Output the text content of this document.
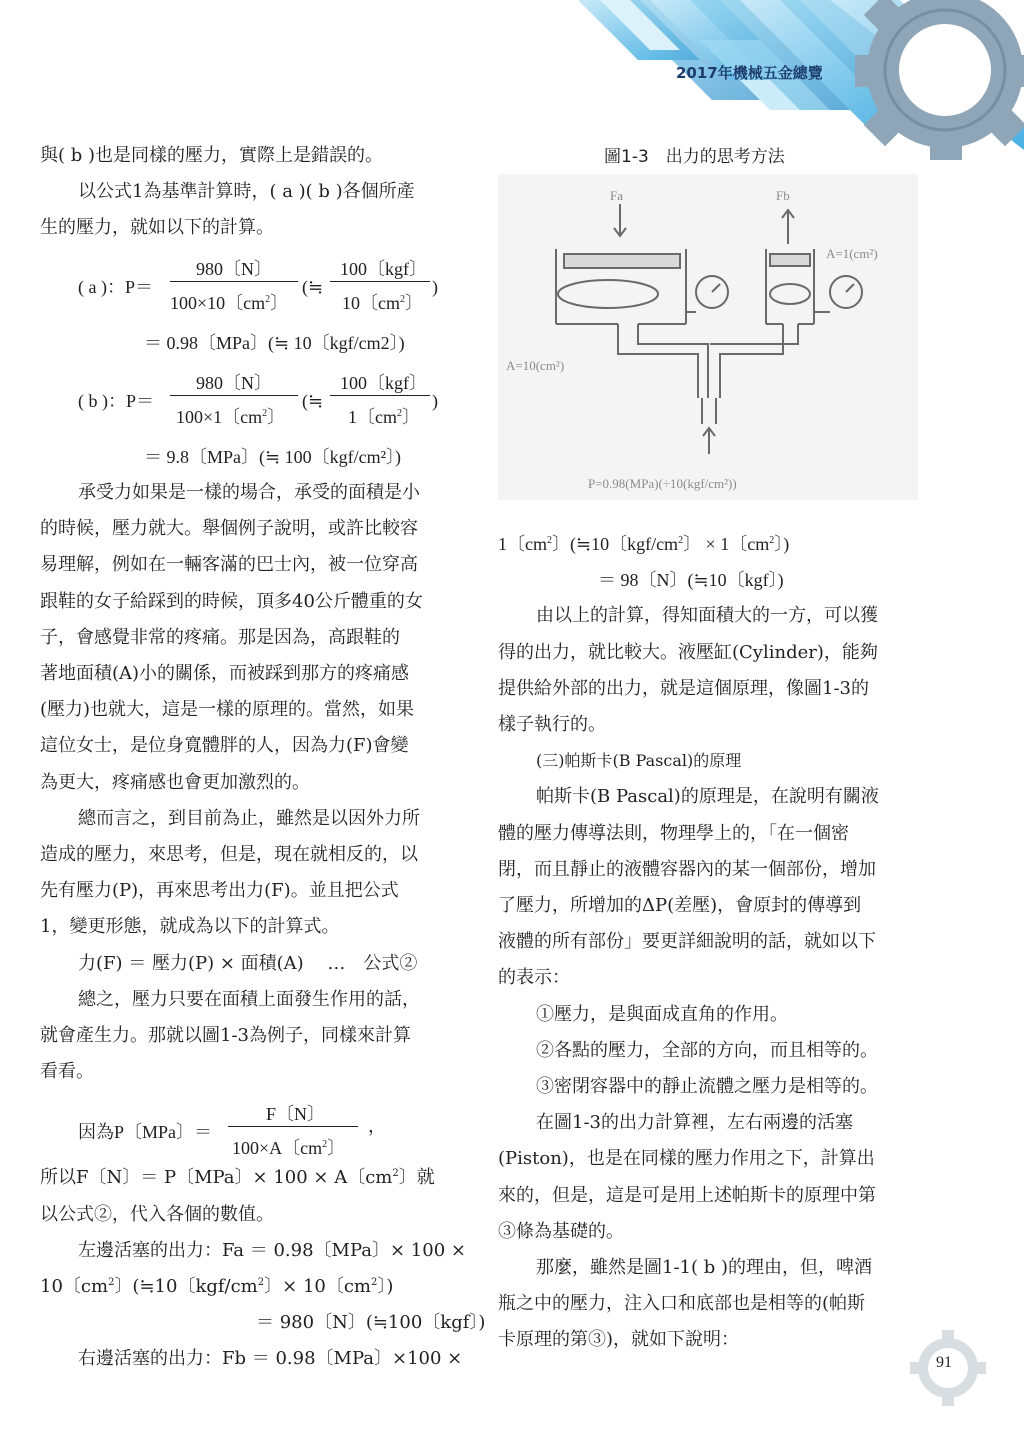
2017年機械五金總覽

與( b )也是同樣的壓力，實際上是錯誤的。

以公式1為基準計算時，( a )( b )各個所產

生的壓力，就如以下的計算。

( a )：P＝
980〔N〕
100×10〔$cm^2$〕
(≒
100〔kgf〕
10〔$cm^2$〕
)

＝ 0.98〔MPa〕(≒ 10〔kgf/cm2〕)

( b )：P＝
980〔N〕
100×1〔$cm^2$〕
(≒
100〔kgf〕
1〔$cm^2$〕
)

＝ 9.8〔MPa〕(≒ 100〔kgf/cm²〕)

承受力如果是一樣的場合，承受的面積是小

的時候，壓力就大。舉個例子說明，或許比較容

易理解，例如在一輛客滿的巴士內，被一位穿高

跟鞋的女子給踩到的時候，頂多40公斤體重的女

子，會感覺非常的疼痛。那是因為，高跟鞋的

著地面積(A)小的關係，而被踩到那方的疼痛感

(壓力)也就大，這是一樣的原理的。當然，如果

這位女士，是位身寬體胖的人，因為力(F)會變

為更大，疼痛感也會更加激烈的。

總而言之，到目前為止，雖然是以因外力所

造成的壓力，來思考，但是，現在就相反的，以

先有壓力(P)，再來思考出力(F)。並且把公式

1，變更形態，就成為以下的計算式。

力(F) ＝ 壓力(P) × 面積(A)　 …　公式②

總之，壓力只要在面積上面發生作用的話，

就會產生力。那就以圖1-3為例子，同樣來計算

看看。

因為P〔MPa〕＝
F〔N〕
100×A〔$cm^2$〕
，

所以F〔N〕＝ P〔MPa〕× 100 × A〔$cm^2$〕就

以公式②，代入各個的數值。

左邊活塞的出力：Fa ＝ 0.98〔MPa〕× 100 ×

10〔$cm^2$〕(≒10〔kgf/$cm^2$〕× 10〔$cm^2$〕)

＝ 980〔N〕(≒100〔kgf〕)

右邊活塞的出力：Fb ＝ 0.98〔MPa〕×100 ×

圖1-3　出力的思考方法
Fa	Fb
A=1(cm²)
A=10(cm²)
P=0.98(MPa)(÷10(kgf/cm²))

1〔$cm^2$〕(≒10〔kgf/$cm^2$〕 × 1〔$cm^2$〕)

＝ 98〔N〕(≒10〔kgf〕)

由以上的計算，得知面積大的一方，可以獲

得的出力，就比較大。液壓缸(Cylinder)，能夠

提供給外部的出力，就是這個原理，像圖1-3的

樣子執行的。

(三)帕斯卡(B Pascal)的原理

帕斯卡(B Pascal)的原理是，在說明有關液

體的壓力傳導法則，物理學上的，「在一個密

閉，而且靜止的液體容器內的某一個部份，增加

了壓力，所增加的ΔP(差壓)，會原封的傳導到

液體的所有部份」要更詳細說明的話，就如以下

的表示：

①壓力，是與面成直角的作用。

②各點的壓力，全部的方向，而且相等的。

③密閉容器中的靜止流體之壓力是相等的。

在圖1-3的出力計算裡，左右兩邊的活塞

(Piston)，也是在同樣的壓力作用之下，計算出

來的，但是，這是可是用上述帕斯卡的原理中第

③條為基礎的。

那麼，雖然是圖1-1( b )的理由，但，啤酒

瓶之中的壓力，注入口和底部也是相等的(帕斯

卡原理的第③)，就如下說明：

91
